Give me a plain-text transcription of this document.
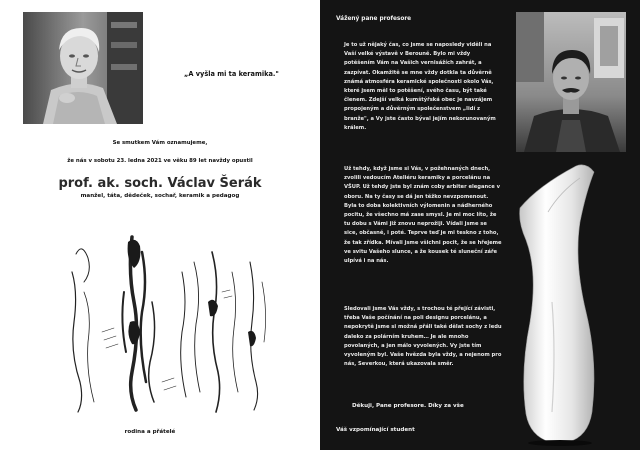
„A vyšla mi ta keramika."
Se smutkem Vám oznamujeme,
že nás v sobotu 23. ledna 2021 ve věku 89 let navždy opustil
prof. ak. soch. Václav Šerák
manžel, táta, dědeček, sochař, keramik a pedagog
rodina a přátelé
Vážený pane profesore
Je to už nějaký čas, co jsme se naposledy viděli na Vaší velké výstavě v Berouně. Bylo mi vždy potěšením Vám na Vašich vernisážích zahrát, a zazpívat. Okamžitě se mne vždy dotkla ta důvěrně známá atmosféra keramické společnosti okolo Vás, které jsem měl to potěšení, svého času, být také členem. Zdejší velká kumštýřská obec je navzájem propojeným a důvěrným společenstvem „lidí z branže", a Vy jste často býval jejím nekorunovaným králem.
Už tehdy, když jsme si Vás, v požehnaných dnech, zvolili vedoucím Ateliéru keramiky a porcelánu na VŠUP. Už tehdy jste byl znám coby arbiter elegance v oboru. Na ty časy se dá jen těžko nevzpomenout. Byla to doba kolektivních výlomenin a nádherného pocitu, že všechno má zase smysl. Je mi moc líto, že tu dobu s Vámi již znovu neprožiji. Vídali jsme se sice, občasně, i poté. Teprve teď je mi teskno z toho, že tak zřídka. Mívali jsme všichni pocit, že se hřejeme ve svitu Vašeho slunce, a že kousek té sluneční záře ulpívá i na nás.
Sledovali jsme Vás vždy, s trochou té přející závisti, třeba Vaše počínání na poli designu porcelánu, a nepokrytě jsme si možná přáli také dělat sochy z ledu daleko za polárním kruhem… Je ale mnoho povolaných, a jen málo vyvolených. Vy jste tím vyvoleným byl. Vaše hvězda byla vždy, a nejenom pro nás, Severkou, která ukazovala směr.
Děkuji, Pane profesore. Díky za vše
Váš vzpomínající student
